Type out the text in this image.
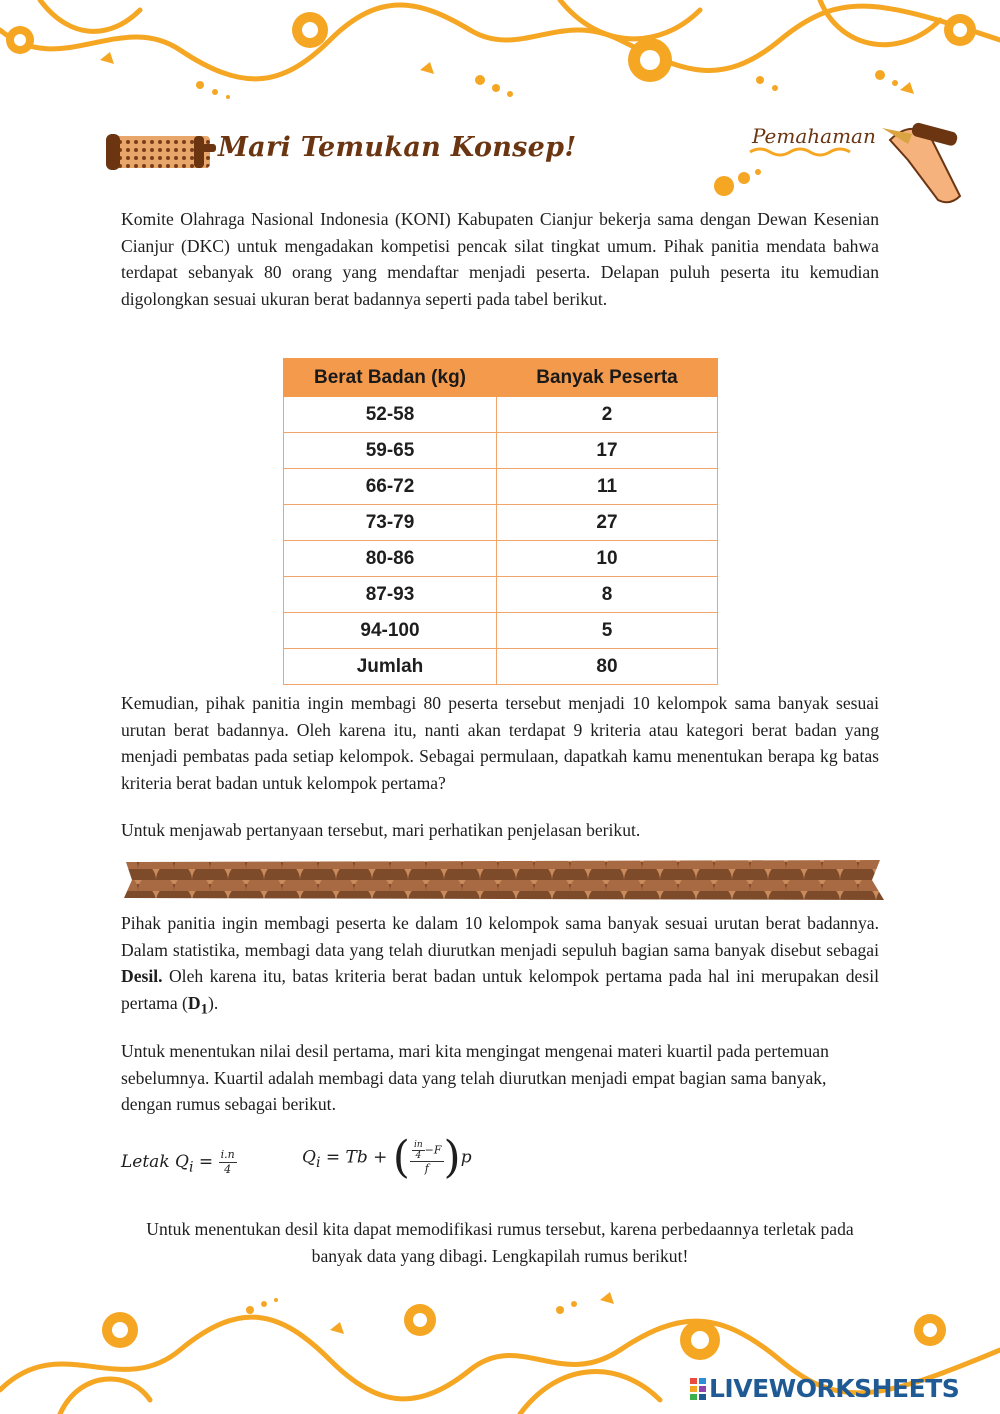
Mari Temukan Konsep!	Pemahaman

Komite Olahraga Nasional Indonesia (KONI) Kabupaten Cianjur bekerja sama dengan Dewan Kesenian Cianjur (DKC) untuk mengadakan kompetisi pencak silat tingkat umum. Pihak panitia mendata bahwa terdapat sebanyak 80 orang yang mendaftar menjadi peserta. Delapan puluh peserta itu kemudian digolongkan sesuai ukuran berat badannya seperti pada tabel berikut.

Berat Badan (kg)	Banyak Peserta
52-58	2
59-65	17
66-72	11
73-79	27
80-86	10
87-93	8
94-100	5
Jumlah	80

Kemudian, pihak panitia ingin membagi 80 peserta tersebut menjadi 10 kelompok sama banyak sesuai urutan berat badannya. Oleh karena itu, nanti akan terdapat 9 kriteria atau kategori berat badan yang menjadi pembatas pada setiap kelompok. Sebagai permulaan, dapatkah kamu menentukan berapa kg batas kriteria berat badan untuk kelompok pertama?

Untuk menjawab pertanyaan tersebut, mari perhatikan penjelasan berikut.

Pihak panitia ingin membagi peserta ke dalam 10 kelompok sama banyak sesuai urutan berat badannya. Dalam statistika, membagi data yang telah diurutkan menjadi sepuluh bagian sama banyak disebut sebagai Desil. Oleh karena itu, batas kriteria berat badan untuk kelompok pertama pada hal ini merupakan desil pertama $(D_1)$.

Untuk menentukan nilai desil pertama, mari kita mengingat mengenai materi kuartil pada pertemuan sebelumnya. Kuartil adalah membagi data yang telah diurutkan menjadi empat bagian sama banyak, dengan rumus sebagai berikut.

Letak $Q_i = \frac{i.n}{4}$	$Q_i = Tb$ + ( $\frac{\frac{in}{4} -F}{f} )p$

Untuk menentukan desil kita dapat memodifikasi rumus tersebut, karena perbedaannya terletak pada banyak data yang dibagi. Lengkapilah rumus berikut!

LIVEWORKSHEETS
